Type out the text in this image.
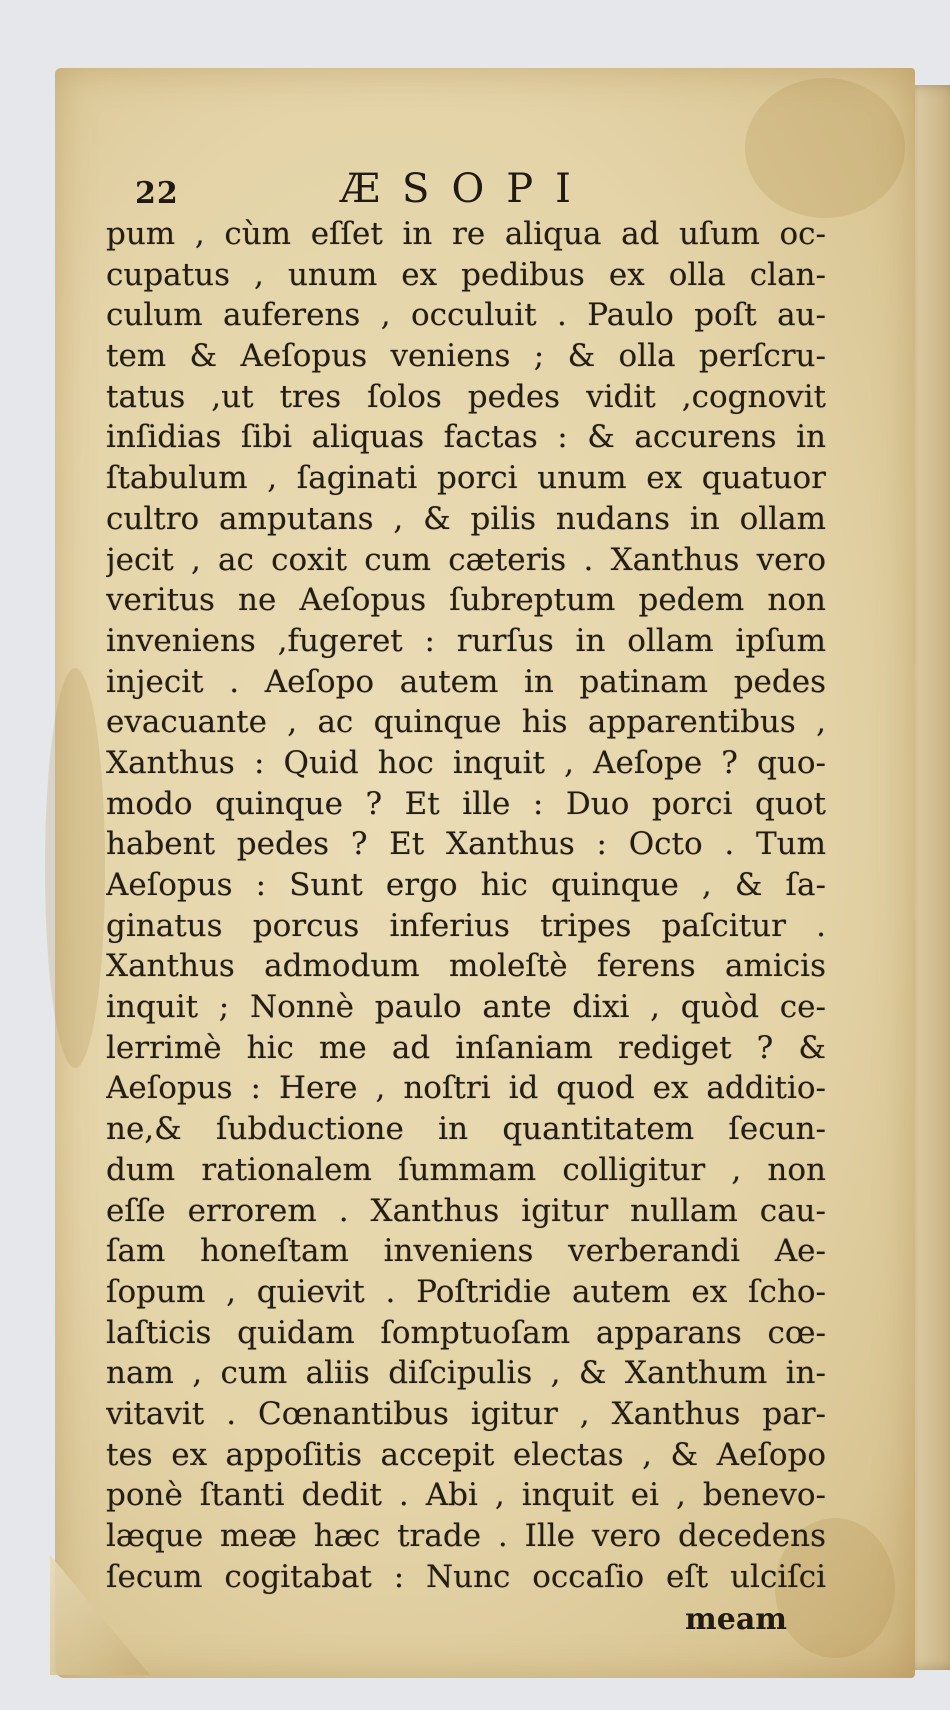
22	ÆSOPI
pum , cùm eſſet in re aliqua ad uſum oc-
cupatus , unum ex pedibus ex olla clan-
culum auferens , occuluit . Paulo poſt au-
tem & Aeſopus veniens ; & olla perſcru-
tatus ,ut tres ſolos pedes vidit ,cognovit
inſidias ſibi aliquas factas : & accurens in
ſtabulum , ſaginati porci unum ex quatuor
cultro amputans , & pilis nudans in ollam
jecit , ac coxit cum cæteris . Xanthus vero
veritus ne Aeſopus ſubreptum pedem non
inveniens ,fugeret : rurſus in ollam ipſum
injecit . Aeſopo autem in patinam pedes
evacuante , ac quinque his apparentibus ,
Xanthus : Quid hoc inquit , Aeſope ? quo-
modo quinque ? Et ille : Duo porci quot
habent pedes ? Et Xanthus : Octo . Tum
Aeſopus : Sunt ergo hic quinque , & ſa-
ginatus porcus inferius tripes paſcitur .
Xanthus admodum moleſtè ferens amicis
inquit ; Nonnè paulo ante dixi , quòd ce-
lerrimè hic me ad inſaniam rediget ? &
Aeſopus : Here , noſtri id quod ex additio-
ne,& ſubductione in quantitatem ſecun-
dum rationalem ſummam colligitur , non
eſſe errorem . Xanthus igitur nullam cau-
ſam honeſtam inveniens verberandi Ae-
ſopum , quievit . Poſtridie autem ex ſcho-
laſticis quidam ſomptuoſam apparans cœ-
nam , cum aliis diſcipulis , & Xanthum in-
vitavit . Cœnantibus igitur , Xanthus par-
tes ex appoſitis accepit electas , & Aeſopo
ponè ſtanti dedit . Abi , inquit ei , benevo-
læque meæ hæc trade . Ille vero decedens
ſecum cogitabat : Nunc occaſio eſt ulciſci
meam
